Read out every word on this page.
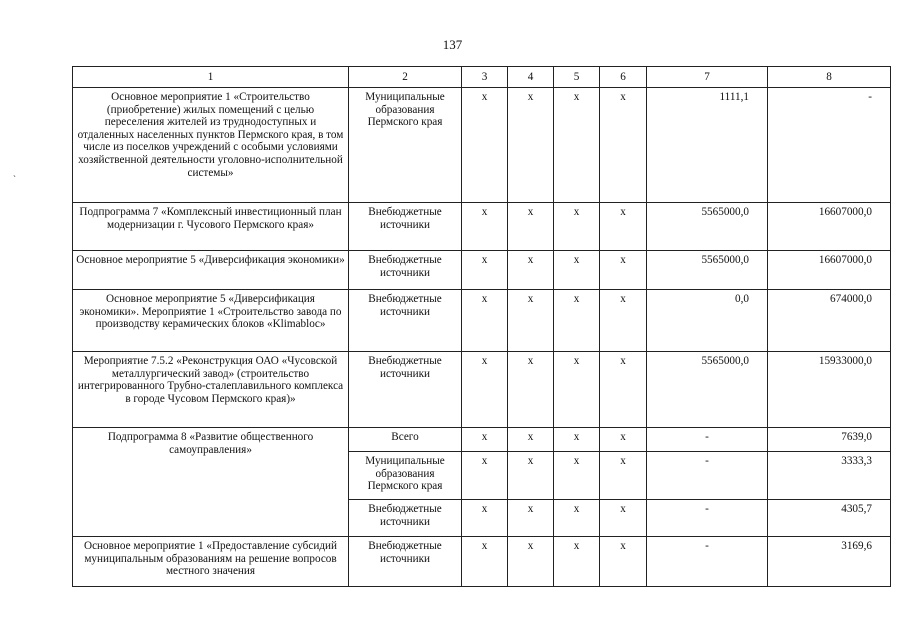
137
ˏ
1	2	3	4	5	6	7	8
Основное мероприятие 1 «Строительство (приобретение) жилых помещений с целью переселения жителей из труднодоступных и отдаленных населенных пунктов Пермского края, в том числе из поселков учреждений с особыми условиями хозяйственной деятельности уголовно-исполнительной системы»	Муниципальные образования Пермского края	x	x	x	x	1111,1	-
Подпрограмма 7 «Комплексный инвестиционный план модернизации г. Чусового Пермского края»	Внебюджетные источники	x	x	x	x	5565000,0	16607000,0
Основное мероприятие 5 «Диверсификация экономики»	Внебюджетные источники	x	x	x	x	5565000,0	16607000,0
Основное мероприятие 5 «Диверсификация экономики». Мероприятие 1 «Строительство завода по производству керамических блоков «Klimabloc»	Внебюджетные источники	x	x	x	x	0,0	674000,0
Мероприятие 7.5.2 «Реконструкция ОАО «Чусовской металлургический завод» (строительство интегрированного Трубно-сталеплавильного комплекса в городе Чусовом Пермского края)»	Внебюджетные источники	x	x	x	x	5565000,0	15933000,0
Подпрограмма 8 «Развитие общественного самоуправления»	Всего	x	x	x	x	-	7639,0
	Муниципальные образования Пермского края	x	x	x	x	-	3333,3
	Внебюджетные источники	x	x	x	x	-	4305,7
Основное мероприятие 1 «Предоставление субсидий муниципальным образованиям на решение вопросов местного значения	Внебюджетные источники	x	x	x	x	-	3169,6
